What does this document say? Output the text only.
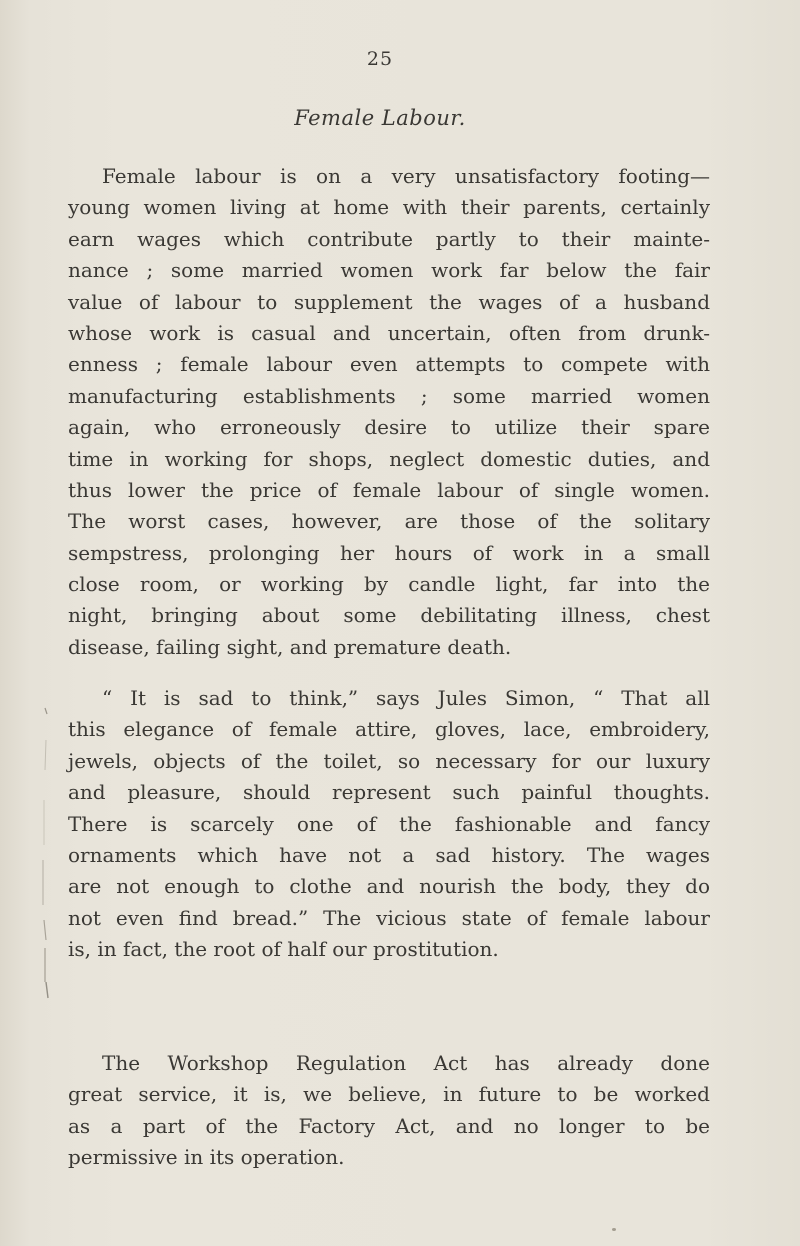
25
Female Labour.
Female labour is on a very unsatisfactory footing—
young women living at home with their parents, certainly
earn wages which contribute partly to their mainte-
nance ; some married women work far below the fair
value of labour to supplement the wages of a husband
whose work is casual and uncertain, often from drunk-
enness ; female labour even attempts to compete with
manufacturing establishments ; some married women
again, who erroneously desire to utilize their spare
time in working for shops, neglect domestic duties, and
thus lower the price of female labour of single women.
The worst cases, however, are those of the solitary
sempstress, prolonging her hours of work in a small
close room, or working by candle light, far into the
night, bringing about some debilitating illness, chest
disease, failing sight, and premature death.
“ It is sad to think,” says Jules Simon, “ That all
this elegance of female attire, gloves, lace, embroidery,
jewels, objects of the toilet, so necessary for our luxury
and pleasure, should represent such painful thoughts.
There is scarcely one of the fashionable and fancy
ornaments which have not a sad history. The wages
are not enough to clothe and nourish the body, they do
not even find bread.” The vicious state of female labour
is, in fact, the root of half our prostitution.
The Workshop Regulation Act has already done
great service, it is, we believe, in future to be worked
as a part of the Factory Act, and no longer to be
permissive in its operation.
